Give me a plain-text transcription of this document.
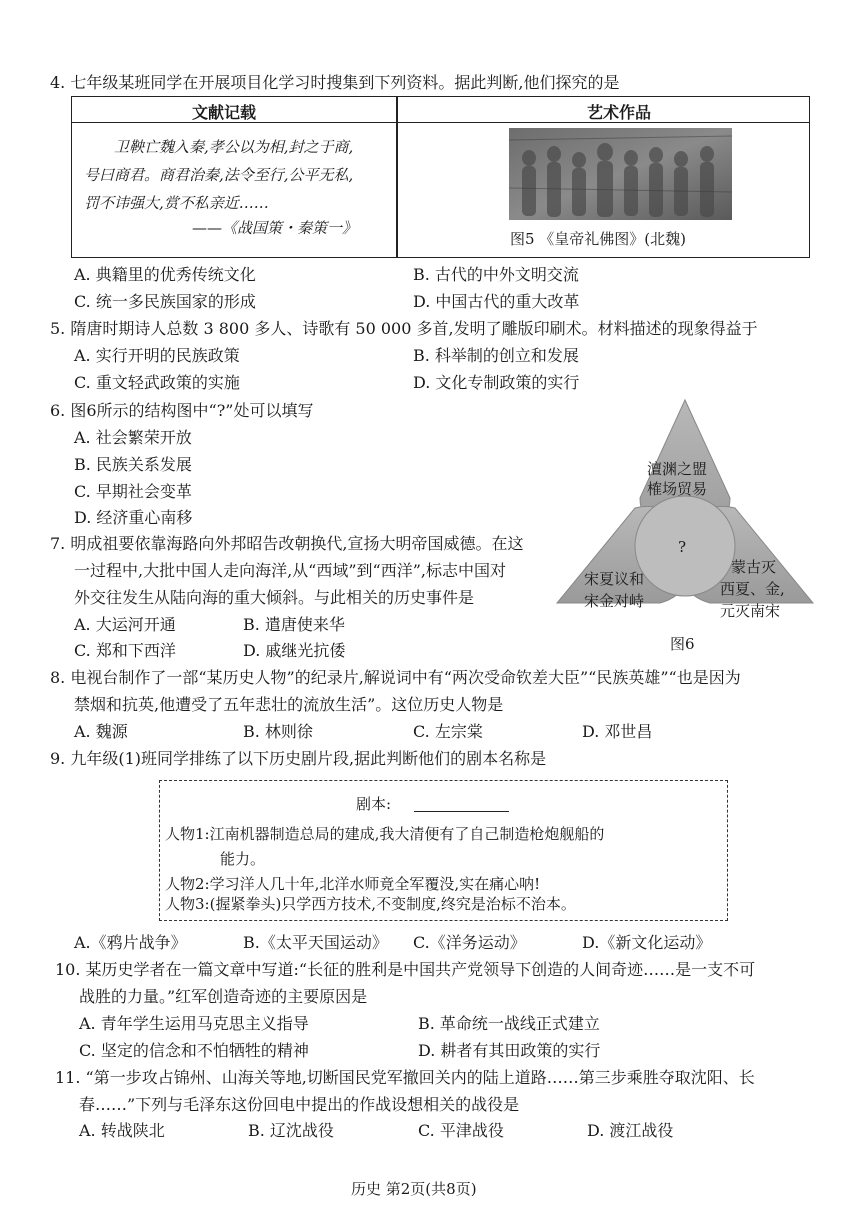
4. 七年级某班同学在开展项目化学习时搜集到下列资料。据此判断,他们探究的是
文献记载	艺术作品
卫鞅亡魏入秦,孝公以为相,封之于商,
号曰商君。商君治秦,法令至行,公平无私,
罚不讳强大,赏不私亲近……
——《战国策・秦策一》
图5 《皇帝礼佛图》(北魏)
A. 典籍里的优秀传统文化	B. 古代的中外文明交流
C. 统一多民族国家的形成	D. 中国古代的重大改革
5. 隋唐时期诗人总数 3 800 多人、诗歌有 50 000 多首,发明了雕版印刷术。材料描述的现象得益于
A. 实行开明的民族政策	B. 科举制的创立和发展
C. 重文轻武政策的实施	D. 文化专制政策的实行
6. 图6所示的结构图中“?”处可以填写
A. 社会繁荣开放
B. 民族关系发展
C. 早期社会变革
D. 经济重心南移
澶渊之盟
榷场贸易
?
宋夏议和
宋金对峙
蒙古灭
西夏、金,
元灭南宋
图6
7. 明成祖要依靠海路向外邦昭告改朝换代,宣扬大明帝国威德。在这
一过程中,大批中国人走向海洋,从“西域”到“西洋”,标志中国对
外交往发生从陆向海的重大倾斜。与此相关的历史事件是
A. 大运河开通	B. 遣唐使来华
C. 郑和下西洋	D. 戚继光抗倭
8. 电视台制作了一部“某历史人物”的纪录片,解说词中有“两次受命钦差大臣”“民族英雄”“也是因为
禁烟和抗英,他遭受了五年悲壮的流放生活”。这位历史人物是
A. 魏源	B. 林则徐	C. 左宗棠	D. 邓世昌
9. 九年级(1)班同学排练了以下历史剧片段,据此判断他们的剧本名称是
剧本:
人物1:江南机器制造总局的建成,我大清便有了自己制造枪炮舰船的
能力。
人物2:学习洋人几十年,北洋水师竟全军覆没,实在痛心呐!
人物3:(握紧拳头)只学西方技术,不变制度,终究是治标不治本。
A.《鸦片战争》	B.《太平天国运动》 C.《洋务运动》	D.《新文化运动》
10. 某历史学者在一篇文章中写道:“长征的胜利是中国共产党领导下创造的人间奇迹……是一支不可
战胜的力量。”红军创造奇迹的主要原因是
A. 青年学生运用马克思主义指导	B. 革命统一战线正式建立
C. 坚定的信念和不怕牺牲的精神	D. 耕者有其田政策的实行
11. “第一步攻占锦州、山海关等地,切断国民党军撤回关内的陆上道路……第三步乘胜夺取沈阳、长
春……”下列与毛泽东这份回电中提出的作战设想相关的战役是
A. 转战陕北	B. 辽沈战役	C. 平津战役	D. 渡江战役
历史 第2页(共8页)
